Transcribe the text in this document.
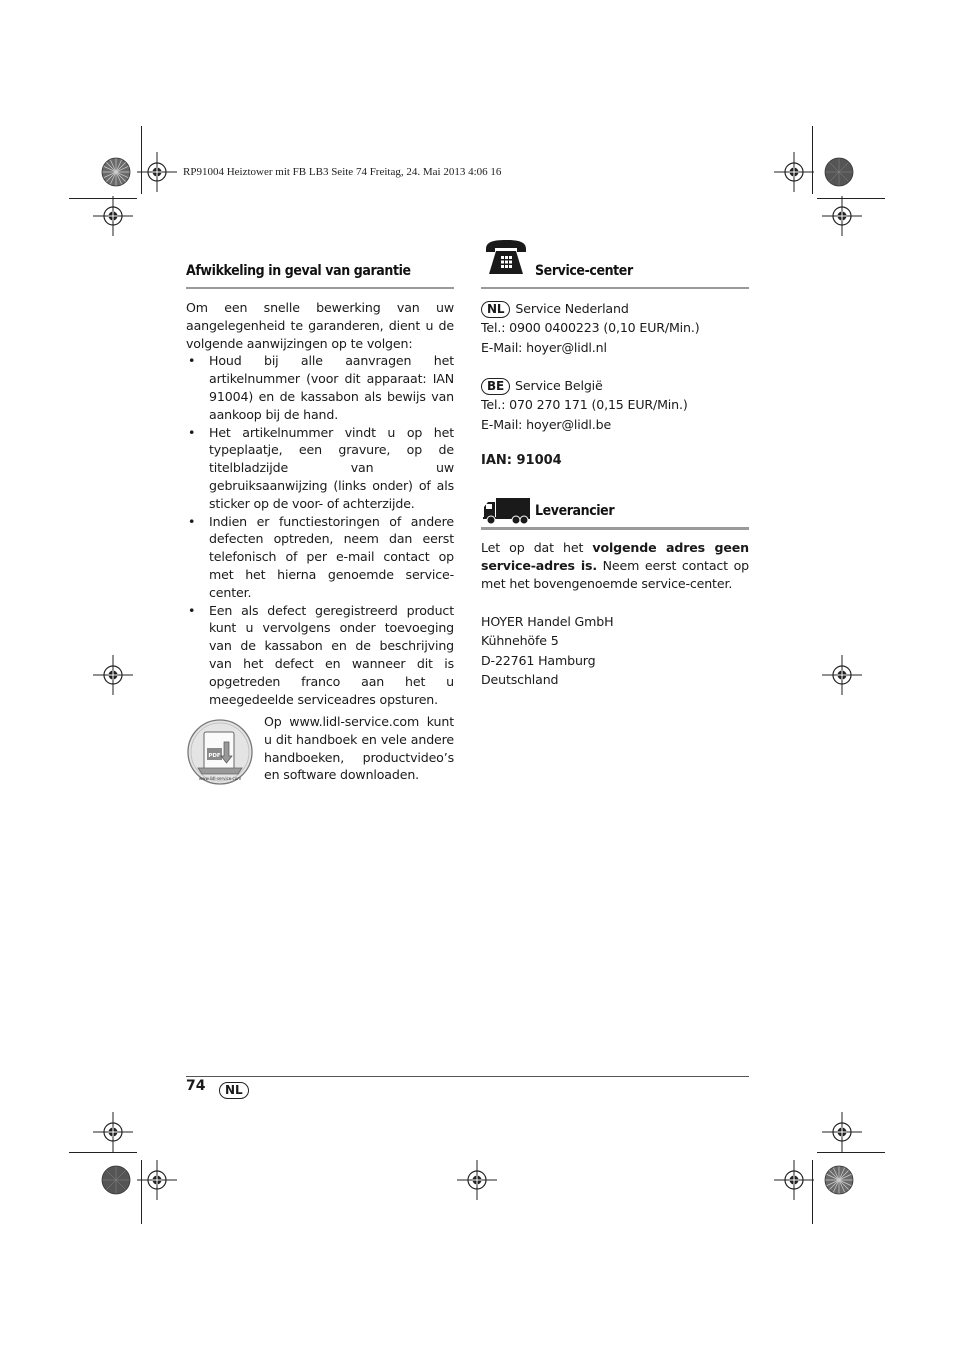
RP91004 Heiztower mit FB LB3 Seite 74 Freitag, 24. Mai 2013 4:06 16
Afwikkeling in geval van garantie
Om een snelle bewerking van uw aangelegenheid te garanderen, dient u de volgende aanwijzingen op te volgen:
• Houd bij alle aanvragen het artikelnummer (voor dit apparaat: IAN 91004) en de kassabon als bewijs van aankoop bij de hand.
• Het artikelnummer vindt u op het typeplaatje, een gravure, op de titelbladzijde van uw gebruiksaanwijzing (links onder) of als sticker op de voor- of achterzijde.
• Indien er functiestoringen of andere defecten optreden, neem dan eerst telefonisch of per e-mail contact op met het hierna genoemde service-center.
• Een als defect geregistreerd product kunt u vervolgens onder toevoeging van de kassabon en de beschrijving van het defect en wanneer dit is opgetreden franco aan het u meegedeelde serviceadres opsturen.
PDF
www.lidl-service.com
Op www.lidl-service.com kunt u dit handboek en vele andere handboeken, productvideo’s en software downloaden.
Service-center
NL Service Nederland
Tel.: 0900 0400223 (0,10 EUR/Min.)
E-Mail: hoyer@lidl.nl
BE Service België
Tel.: 070 270 171 (0,15 EUR/Min.)
E-Mail: hoyer@lidl.be
IAN: 91004
Leverancier
Let op dat het volgende adres geen service-adres is. Neem eerst contact op met het bovengenoemde service-center.
HOYER Handel GmbH
Kühnehöfe 5
D-22761 Hamburg
Deutschland
74	NL
